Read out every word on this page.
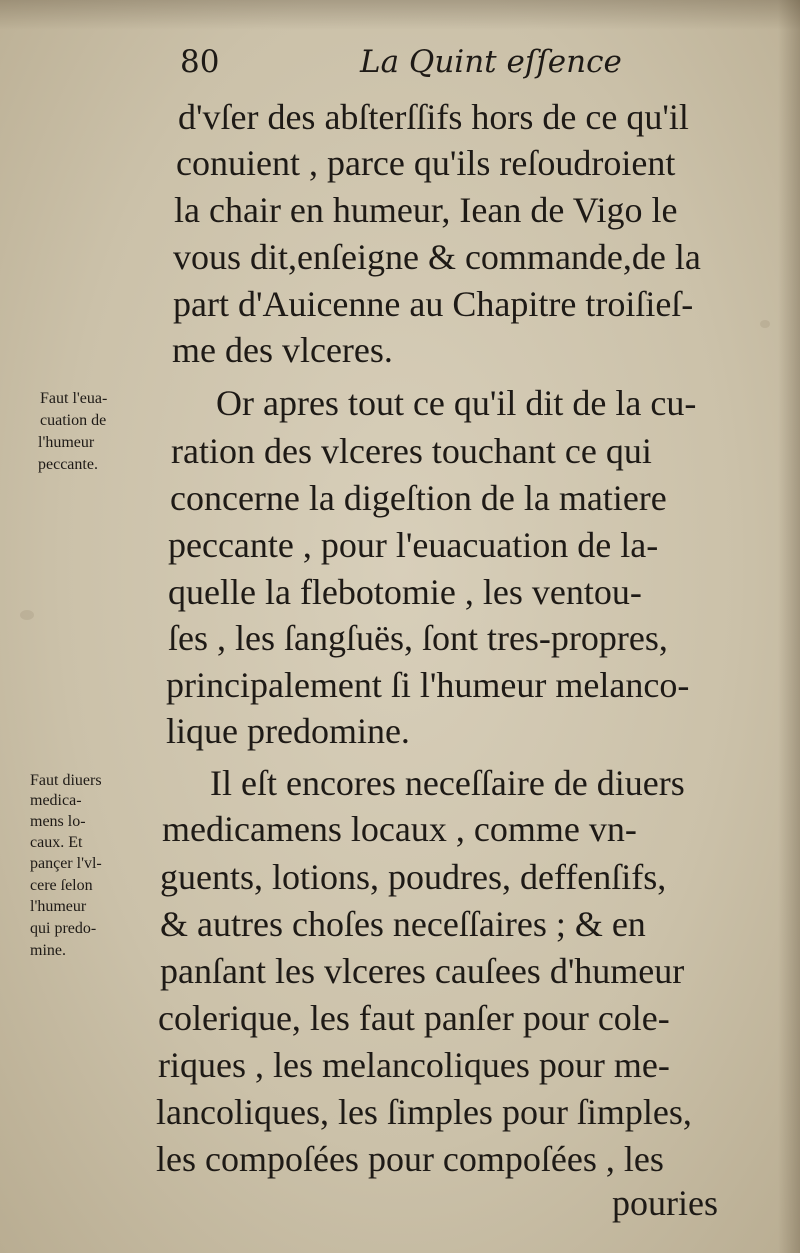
80	La Quint eſſence
d'vſer des abſterſſifs hors de ce qu'il
conuient , parce qu'ils reſoudroient
la chair en humeur, Iean de Vigo le
vous dit,enſeigne & commande,de la
part d'Auicenne au Chapitre troiſieſ-
me des vlceres.
Or apres tout ce qu'il dit de la cu-
ration des vlceres touchant ce qui
concerne la digeſtion de la matiere
peccante , pour l'euacuation de la-
quelle la flebotomie , les ventou-
ſes , les ſangſuës, ſont tres-propres,
principalement ſi l'humeur melanco-
lique predomine.
Il eſt encores neceſſaire de diuers
medicamens locaux , comme vn-
guents, lotions, poudres, deffenſifs,
& autres choſes neceſſaires ; & en
panſant les vlceres cauſees d'humeur
colerique, les faut panſer pour cole-
riques , les melancoliques pour me-
lancoliques, les ſimples pour ſimples,
les compoſées pour compoſées , les
pouries
Faut l'eua-
cuation de
l'humeur
peccante.
Faut diuers
medica-
mens lo-
caux. Et
pançer l'vl-
cere ſelon
l'humeur
qui predo-
mine.
